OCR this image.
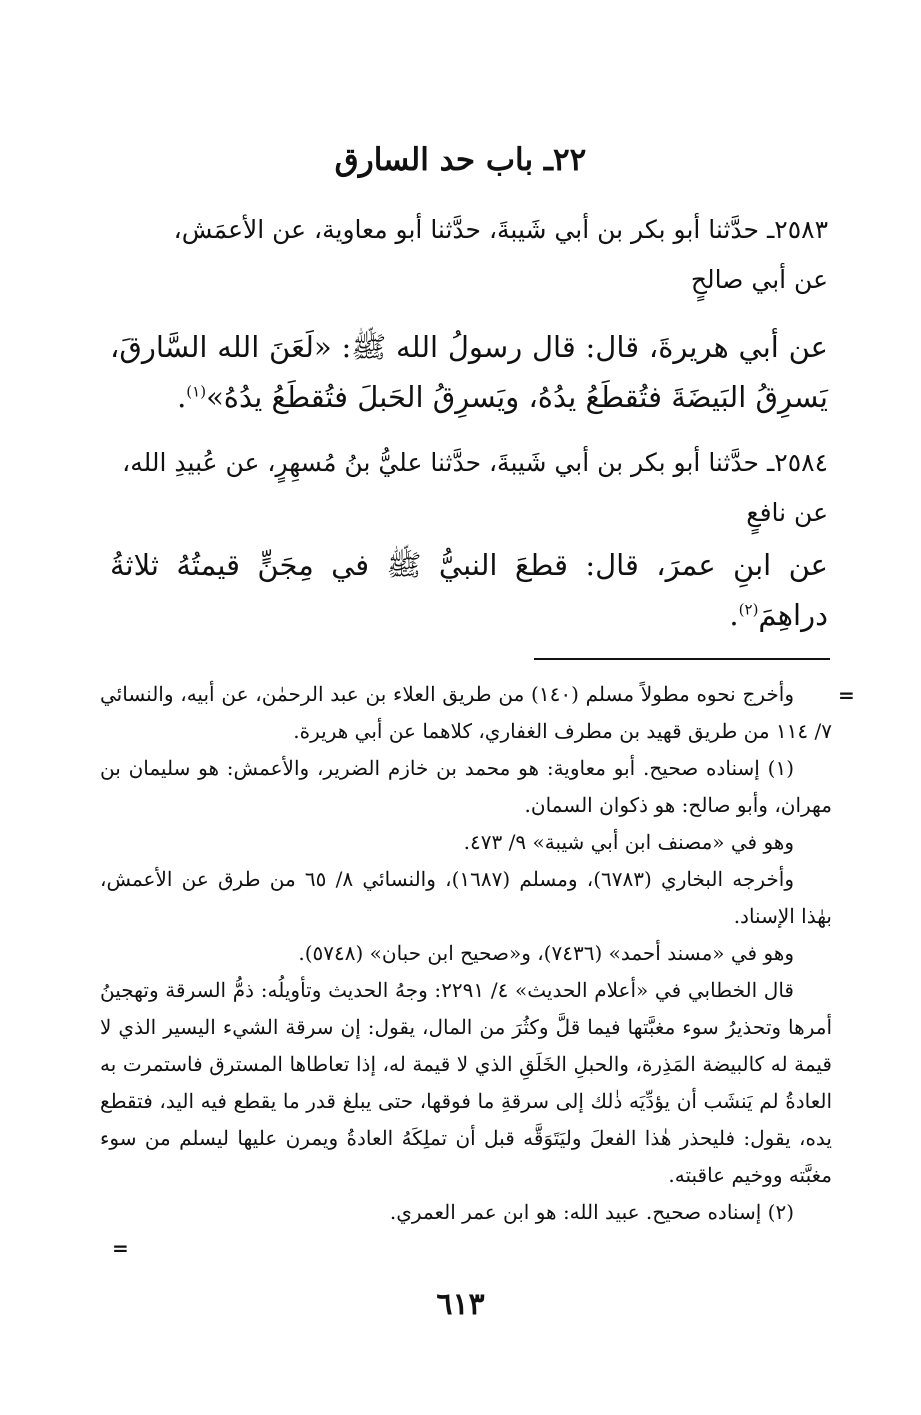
٢٢ـ باب حد السارق
٢٥٨٣ـ حدَّثنا أبو بكر بن أبي شَيبةَ، حدَّثنا أبو معاوية، عن الأعمَش،
عن أبي صالحٍ
عن أبي هريرةَ، قال: قال رسولُ الله ﷺ: «لَعَنَ الله السَّارقَ، يَسرِقُ البَيضَةَ فتُقطَعُ يدُهُ، ويَسرِقُ الحَبلَ فتُقطَعُ يدُهُ»$^{(١)}$.
٢٥٨٤ـ حدَّثنا أبو بكر بن أبي شَيبةَ، حدَّثنا عليُّ بنُ مُسهِرٍ، عن عُبيدِ الله،
عن نافعٍ
عن ابنِ عمرَ، قال: قطعَ النبيُّ ﷺ في مِجَنٍّ قيمتُهُ ثلاثةُ دراهِمَ$^{(٢)}$.
=

وأخرج نحوه مطولاً مسلم (١٤٠) من طريق العلاء بن عبد الرحمٰن، عن أبيه، والنسائي ٧/ ١١٤ من طريق قهيد بن مطرف الغفاري، كلاهما عن أبي هريرة.

(١) إسناده صحيح. أبو معاوية: هو محمد بن خازم الضرير، والأعمش: هو سليمان بن مهران، وأبو صالح: هو ذكوان السمان.

وهو في «مصنف ابن أبي شيبة» ٩/ ٤٧٣.

وأخرجه البخاري (٦٧٨٣)، ومسلم (١٦٨٧)، والنسائي ٨/ ٦٥ من طرق عن الأعمش، بهٰذا الإسناد.

وهو في «مسند أحمد» (٧٤٣٦)، و«صحيح ابن حبان» (٥٧٤٨).

قال الخطابي في «أعلام الحديث» ٤/ ٢٢٩١: وجهُ الحديث وتأويلُه: ذمُّ السرقة وتهجينُ أمرها وتحذيرُ سوء مغبَّتها فيما قلَّ وكثُرَ من المال، يقول: إن سرقة الشيء اليسير الذي لا قيمة له كالبيضة المَذِرة، والحبلِ الخَلَقِ الذي لا قيمة له، إذا تعاطاها المسترق فاستمرت به العادةُ لم يَنشَب أن يؤدِّيَه ذٰلك إلى سرقةِ ما فوقها، حتى يبلغ قدر ما يقطع فيه اليد، فتقطع يده، يقول: فليحذر هٰذا الفعلَ وليَتَوَقَّه قبل أن تملِكَهُ العادةُ ويمرن عليها ليسلم من سوء مغبَّته ووخيم عاقبته.

(٢) إسناده صحيح. عبيد الله: هو ابن عمر العمري.

=
٦١٣
